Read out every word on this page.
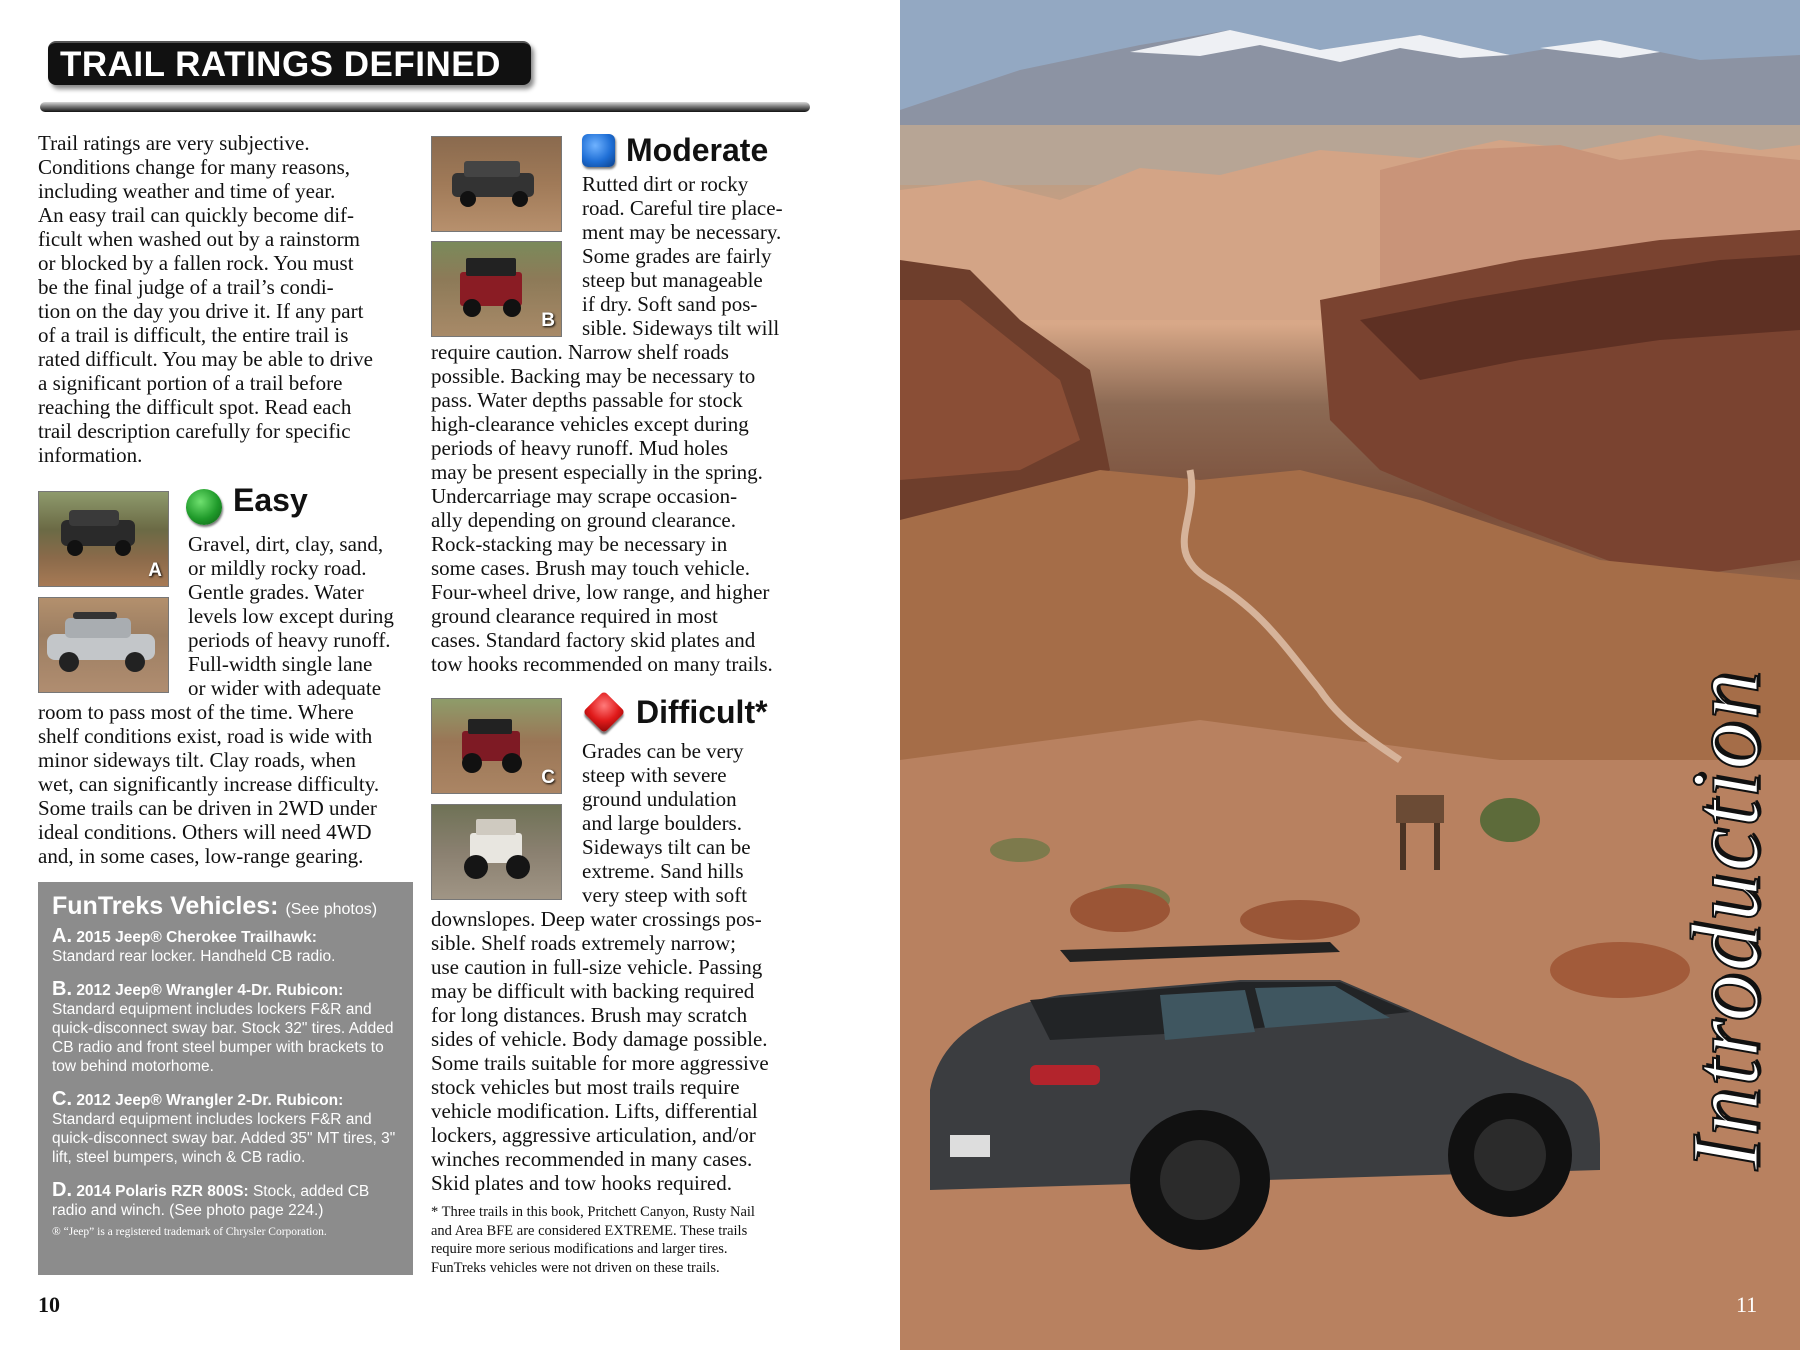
TRAIL RATINGS DEFINED
Trail ratings are very subjective.
Conditions change for many reasons,
including weather and time of year.
An easy trail can quickly become dif-
ficult when washed out by a rainstorm
or blocked by a fallen rock. You must
be the final judge of a trail’s condi-
tion on the day you drive it. If any part
of a trail is difficult, the entire trail is
rated difficult. You may be able to drive
a significant portion of a trail before
reaching the difficult spot. Read each
trail description carefully for specific
information.
A
Easy
Gravel, dirt, clay, sand,
or mildly rocky road.
Gentle grades. Water
levels low except during
periods of heavy runoff.
Full-width single lane
or wider with adequate
room to pass most of the time. Where
shelf conditions exist, road is wide with
minor sideways tilt. Clay roads, when
wet, can significantly increase difficulty.
Some trails can be driven in 2WD under
ideal conditions. Others will need 4WD
and, in some cases, low-range gearing.
FunTreks Vehicles: (See photos)
A. 2015 Jeep® Cherokee Trailhawk:
Standard rear locker. Handheld CB radio.
B. 2012 Jeep® Wrangler 4-Dr. Rubicon:
Standard equipment includes lockers F&R and quick-disconnect sway bar. Stock 32" tires. Added CB radio and front steel bumper with brackets to tow behind motorhome.
C. 2012 Jeep® Wrangler 2-Dr. Rubicon:
Standard equipment includes lockers F&R and quick-disconnect sway bar. Added 35" MT tires, 3" lift, steel bumpers, winch & CB radio.
D. 2014 Polaris RZR 800S: Stock, added CB radio and winch. (See photo page 224.)
® “Jeep” is a registered trademark of Chrysler Corporation.
B
Moderate
Rutted dirt or rocky
road. Careful tire place-
ment may be necessary.
Some grades are fairly
steep but manageable
if dry. Soft sand pos-
sible. Sideways tilt will
require caution. Narrow shelf roads
possible. Backing may be necessary to
pass. Water depths passable for stock
high-clearance vehicles except during
periods of heavy runoff. Mud holes
may be present especially in the spring.
Undercarriage may scrape occasion-
ally depending on ground clearance.
Rock-stacking may be necessary in
some cases. Brush may touch vehicle.
Four-wheel drive, low range, and higher
ground clearance required in most
cases. Standard factory skid plates and
tow hooks recommended on many trails.
C
Difficult*
Grades can be very
steep with severe
ground undulation
and large boulders.
Sideways tilt can be
extreme. Sand hills
very steep with soft
downslopes. Deep water crossings pos-
sible. Shelf roads extremely narrow;
use caution in full-size vehicle. Passing
may be difficult with backing required
for long distances. Brush may scratch
sides of vehicle. Body damage possible.
Some trails suitable for more aggressive
stock vehicles but most trails require
vehicle modification. Lifts, differential
lockers, aggressive articulation, and/or
winches recommended in many cases.
Skid plates and tow hooks required.
* Three trails in this book, Pritchett Canyon, Rusty Nail
and Area BFE are considered EXTREME. These trails
require more serious modifications and larger tires.
FunTreks vehicles were not driven on these trails.
10
Introduction
11
